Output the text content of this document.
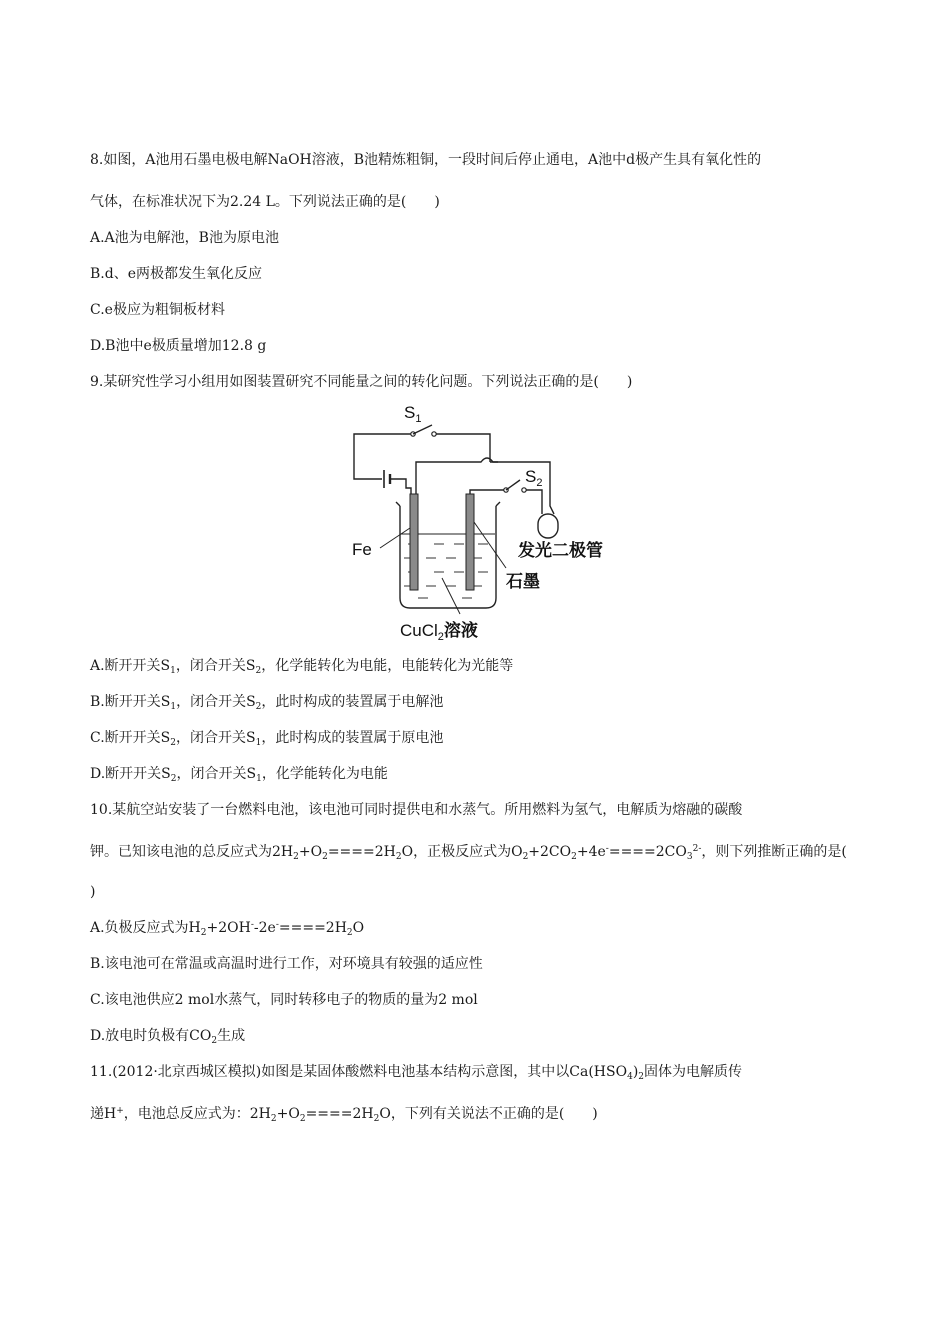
8.如图，A池用石墨电极电解NaOH溶液，B池精炼粗铜，一段时间后停止通电，A池中d极产生具有氧化性的
气体，在标准状况下为2.24 L。下列说法正确的是(　　)
A.A池为电解池，B池为原电池
B.d、e两极都发生氧化反应
C.e极应为粗铜板材料
D.B池中e极质量增加12.8 g
9.某研究性学习小组用如图装置研究不同能量之间的转化问题。下列说法正确的是(　　)
$S_1$
$S_2$
发光二极管
Fe
石墨
CuCl$_2$溶液
A.断开开关$S_1$，闭合开关$S_2$，化学能转化为电能，电能转化为光能等
B.断开开关$S_1$，闭合开关$S_2$，此时构成的装置属于电解池
C.断开开关$S_2$，闭合开关$S_1$，此时构成的装置属于原电池
D.断开开关$S_2$，闭合开关$S_1$，化学能转化为电能
10.某航空站安装了一台燃料电池，该电池可同时提供电和水蒸气。所用燃料为氢气，电解质为熔融的碳酸
钾。已知该电池的总反应式为$2H_2+O_2====2H_2O$，正极反应式为$O_2+2CO_2+4e^-====2CO_3^{2-}$，则下列推断正确的是(
)
A.负极反应式为$H_2+2OH^--2e^-====2H_2O$
B.该电池可在常温或高温时进行工作，对环境具有较强的适应性
C.该电池供应2 mol水蒸气，同时转移电子的物质的量为2 mol
D.放电时负极有$CO_2$生成
11.(2012·北京西城区模拟)如图是某固体酸燃料电池基本结构示意图，其中以$Ca(HSO_4)_2$固体为电解质传
递H+，电池总反应式为：$2H_2+O_2====2H_2O$，下列有关说法不正确的是(　　)
